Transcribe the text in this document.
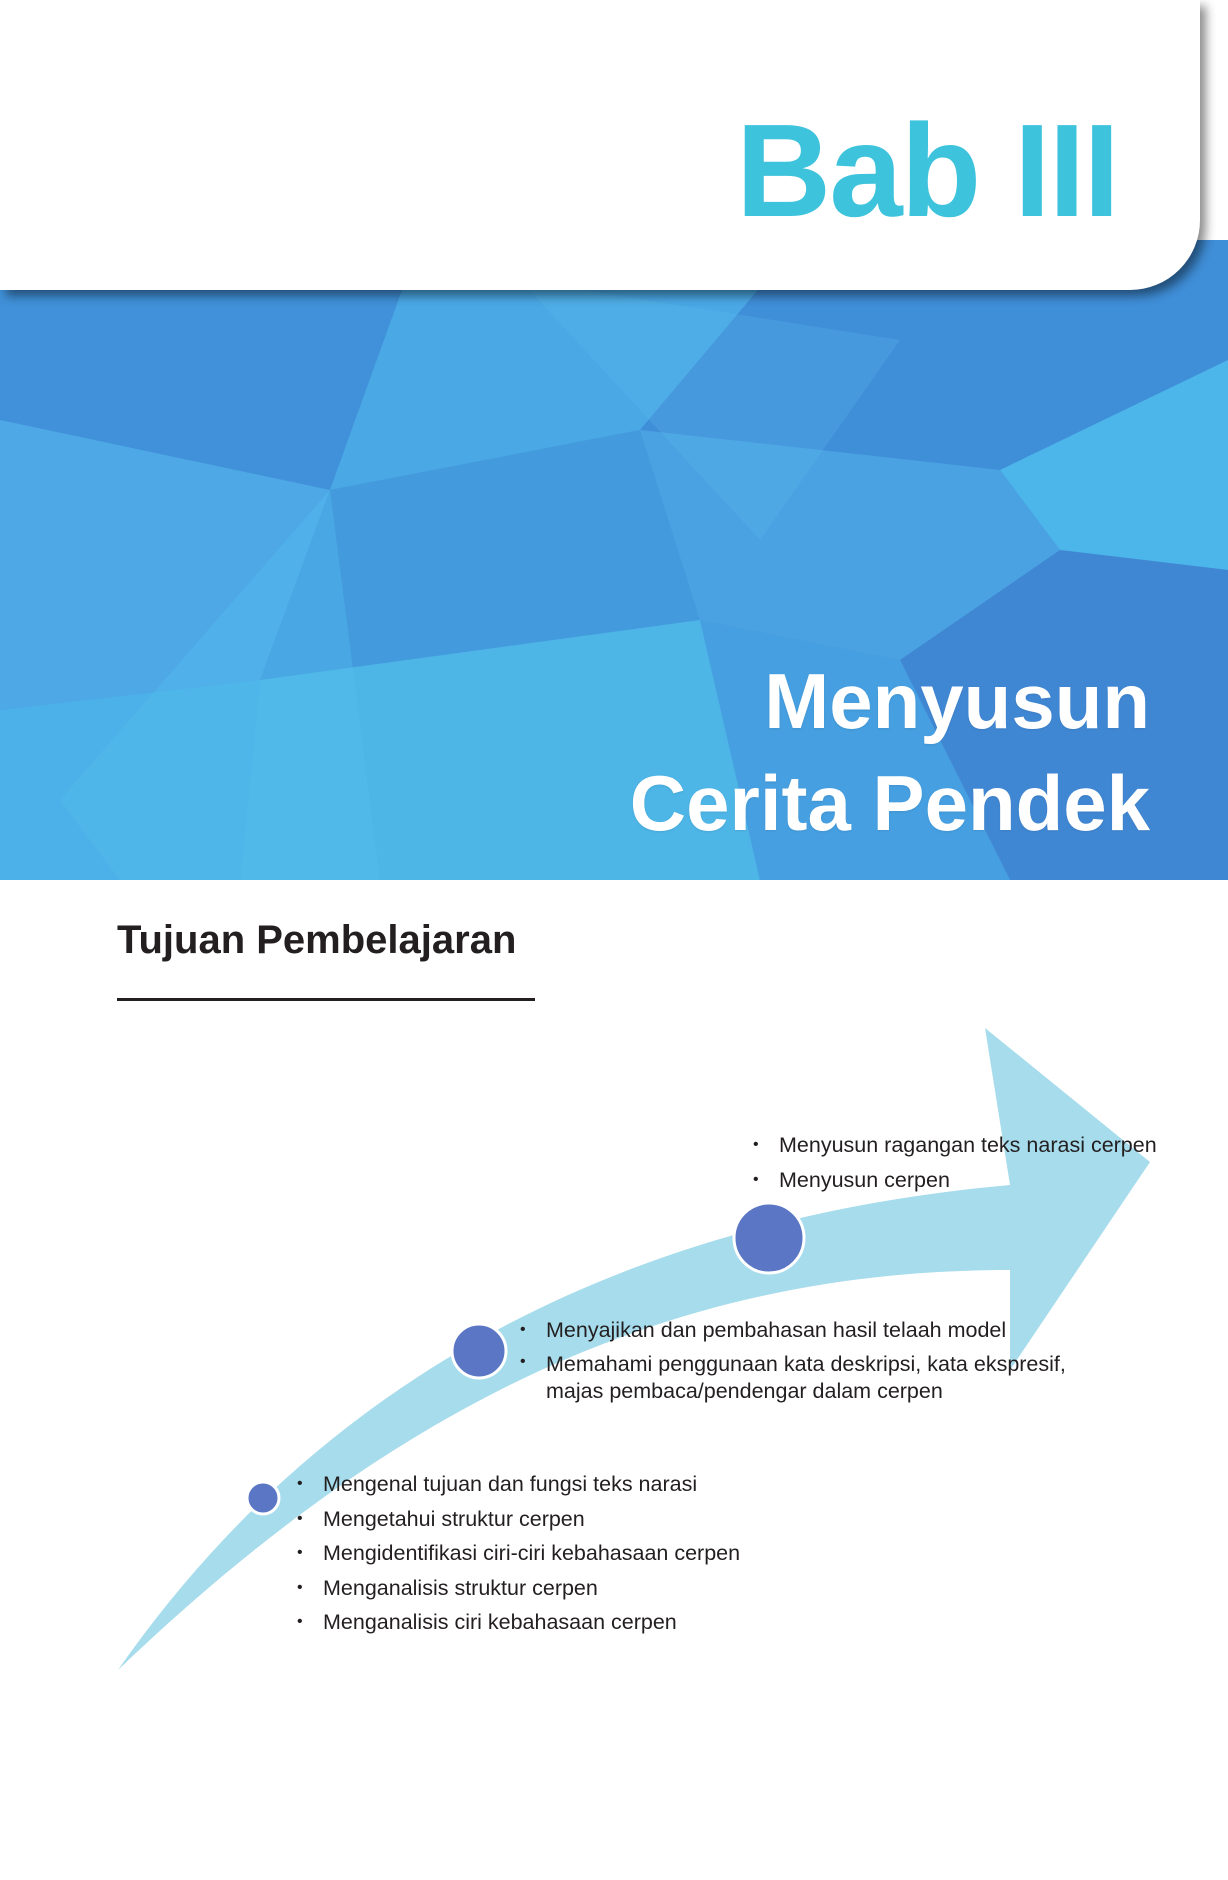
Bab III
Menyusun
Cerita Pendek
Tujuan Pembelajaran
• Mengenal tujuan dan fungsi teks narasi
• Mengetahui struktur cerpen
• Mengidentifikasi ciri-ciri kebahasaan cerpen
• Menganalisis struktur cerpen
• Menganalisis ciri kebahasaan cerpen
• Menyajikan dan pembahasan hasil telaah model
• Memahami penggunaan kata deskripsi, kata ekspresif, majas pembaca/pendengar dalam cerpen
• Menyusun ragangan teks narasi cerpen
• Menyusun cerpen
